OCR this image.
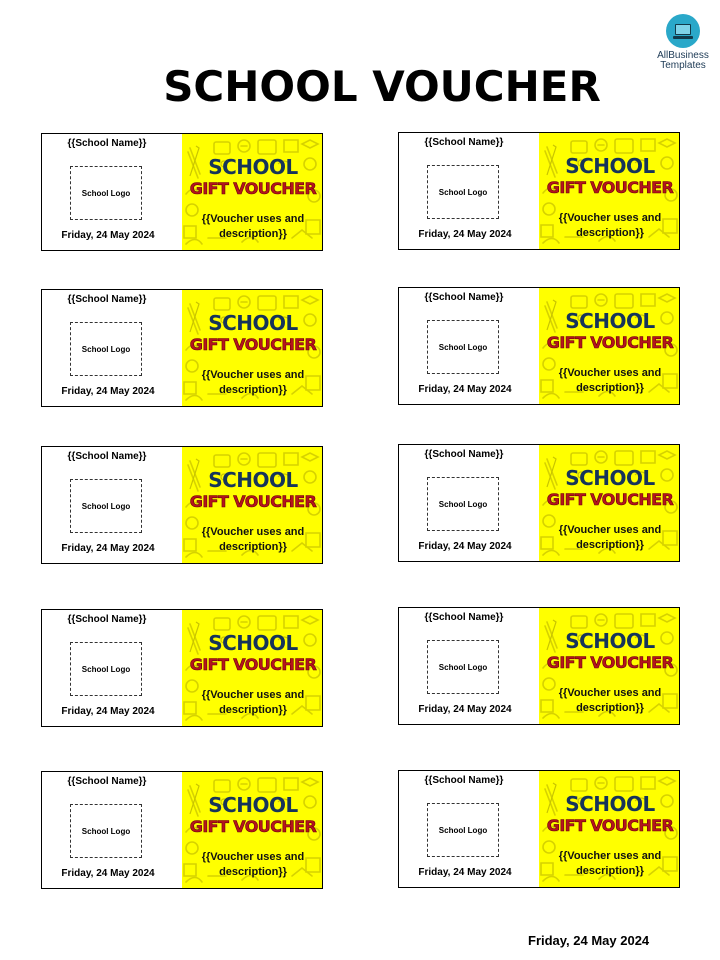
AllBusiness
Templates
SCHOOL VOUCHER
{{School Name}}
School Logo
Friday, 24 May 2024
SCHOOL
GIFT VOUCHER
{{Voucher uses and
description}}
{{School Name}}
School Logo
Friday, 24 May 2024
SCHOOL
GIFT VOUCHER
{{Voucher uses and
description}}
{{School Name}}
School Logo
Friday, 24 May 2024
SCHOOL
GIFT VOUCHER
{{Voucher uses and
description}}
{{School Name}}
School Logo
Friday, 24 May 2024
SCHOOL
GIFT VOUCHER
{{Voucher uses and
description}}
{{School Name}}
School Logo
Friday, 24 May 2024
SCHOOL
GIFT VOUCHER
{{Voucher uses and
description}}
{{School Name}}
School Logo
Friday, 24 May 2024
SCHOOL
GIFT VOUCHER
{{Voucher uses and
description}}
{{School Name}}
School Logo
Friday, 24 May 2024
SCHOOL
GIFT VOUCHER
{{Voucher uses and
description}}
{{School Name}}
School Logo
Friday, 24 May 2024
SCHOOL
GIFT VOUCHER
{{Voucher uses and
description}}
{{School Name}}
School Logo
Friday, 24 May 2024
SCHOOL
GIFT VOUCHER
{{Voucher uses and
description}}
{{School Name}}
School Logo
Friday, 24 May 2024
SCHOOL
GIFT VOUCHER
{{Voucher uses and
description}}
Friday, 24 May 2024
